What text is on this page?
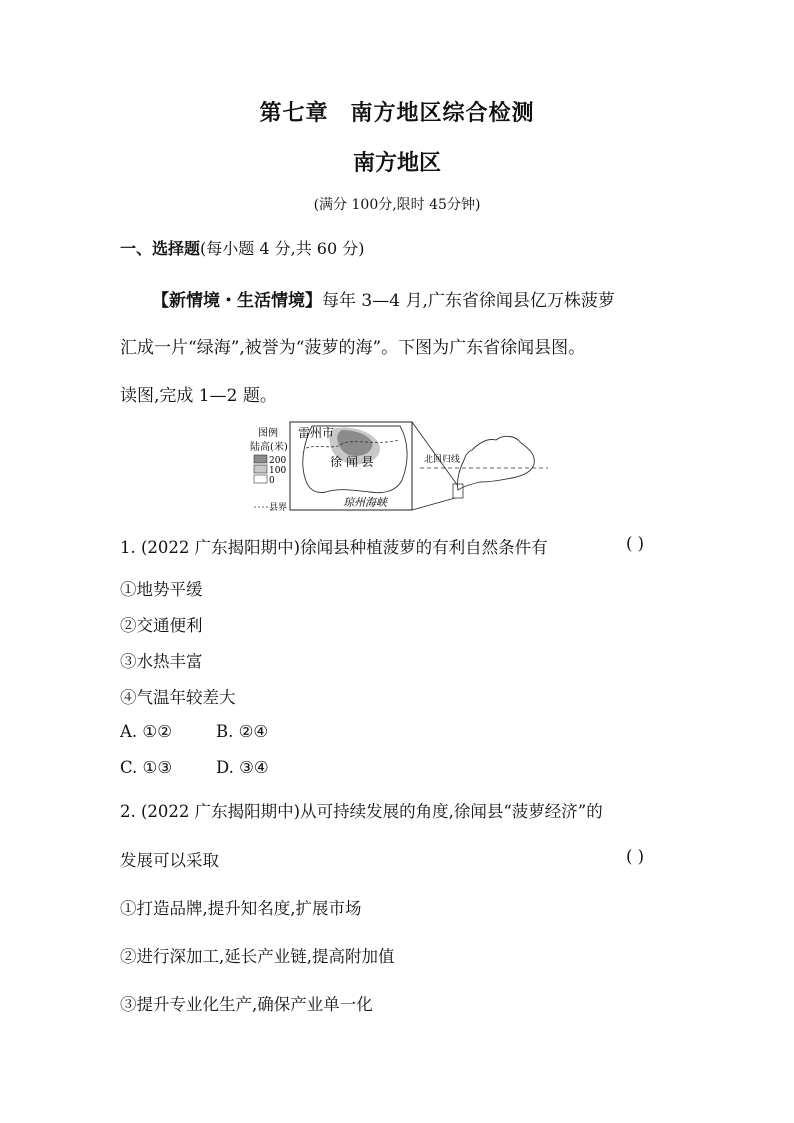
第七章 南方地区综合检测
南方地区
(满分 100分,限时 45分钟)
一、选择题(每小题 4 分,共 60 分)
【新情境・生活情境】每年 3—4 月,广东省徐闻县亿万株菠萝
汇成一片“绿海”,被誉为“菠萝的海”。下图为广东省徐闻县图。
读图,完成 1—2 题。
图例
陆高(米)
200
100
0
县界
雷州市
徐 闻 县
琼州海峡
北回归线
1. (2022 广东揭阳期中)徐闻县种植菠萝的有利自然条件有	( )
①地势平缓
②交通便利
③水热丰富
④气温年较差大
A. ①②	B. ②④
C. ①③	D. ③④
2. (2022 广东揭阳期中)从可持续发展的角度,徐闻县“菠萝经济”的
发展可以采取	( )
①打造品牌,提升知名度,扩展市场
②进行深加工,延长产业链,提高附加值
③提升专业化生产,确保产业单一化
